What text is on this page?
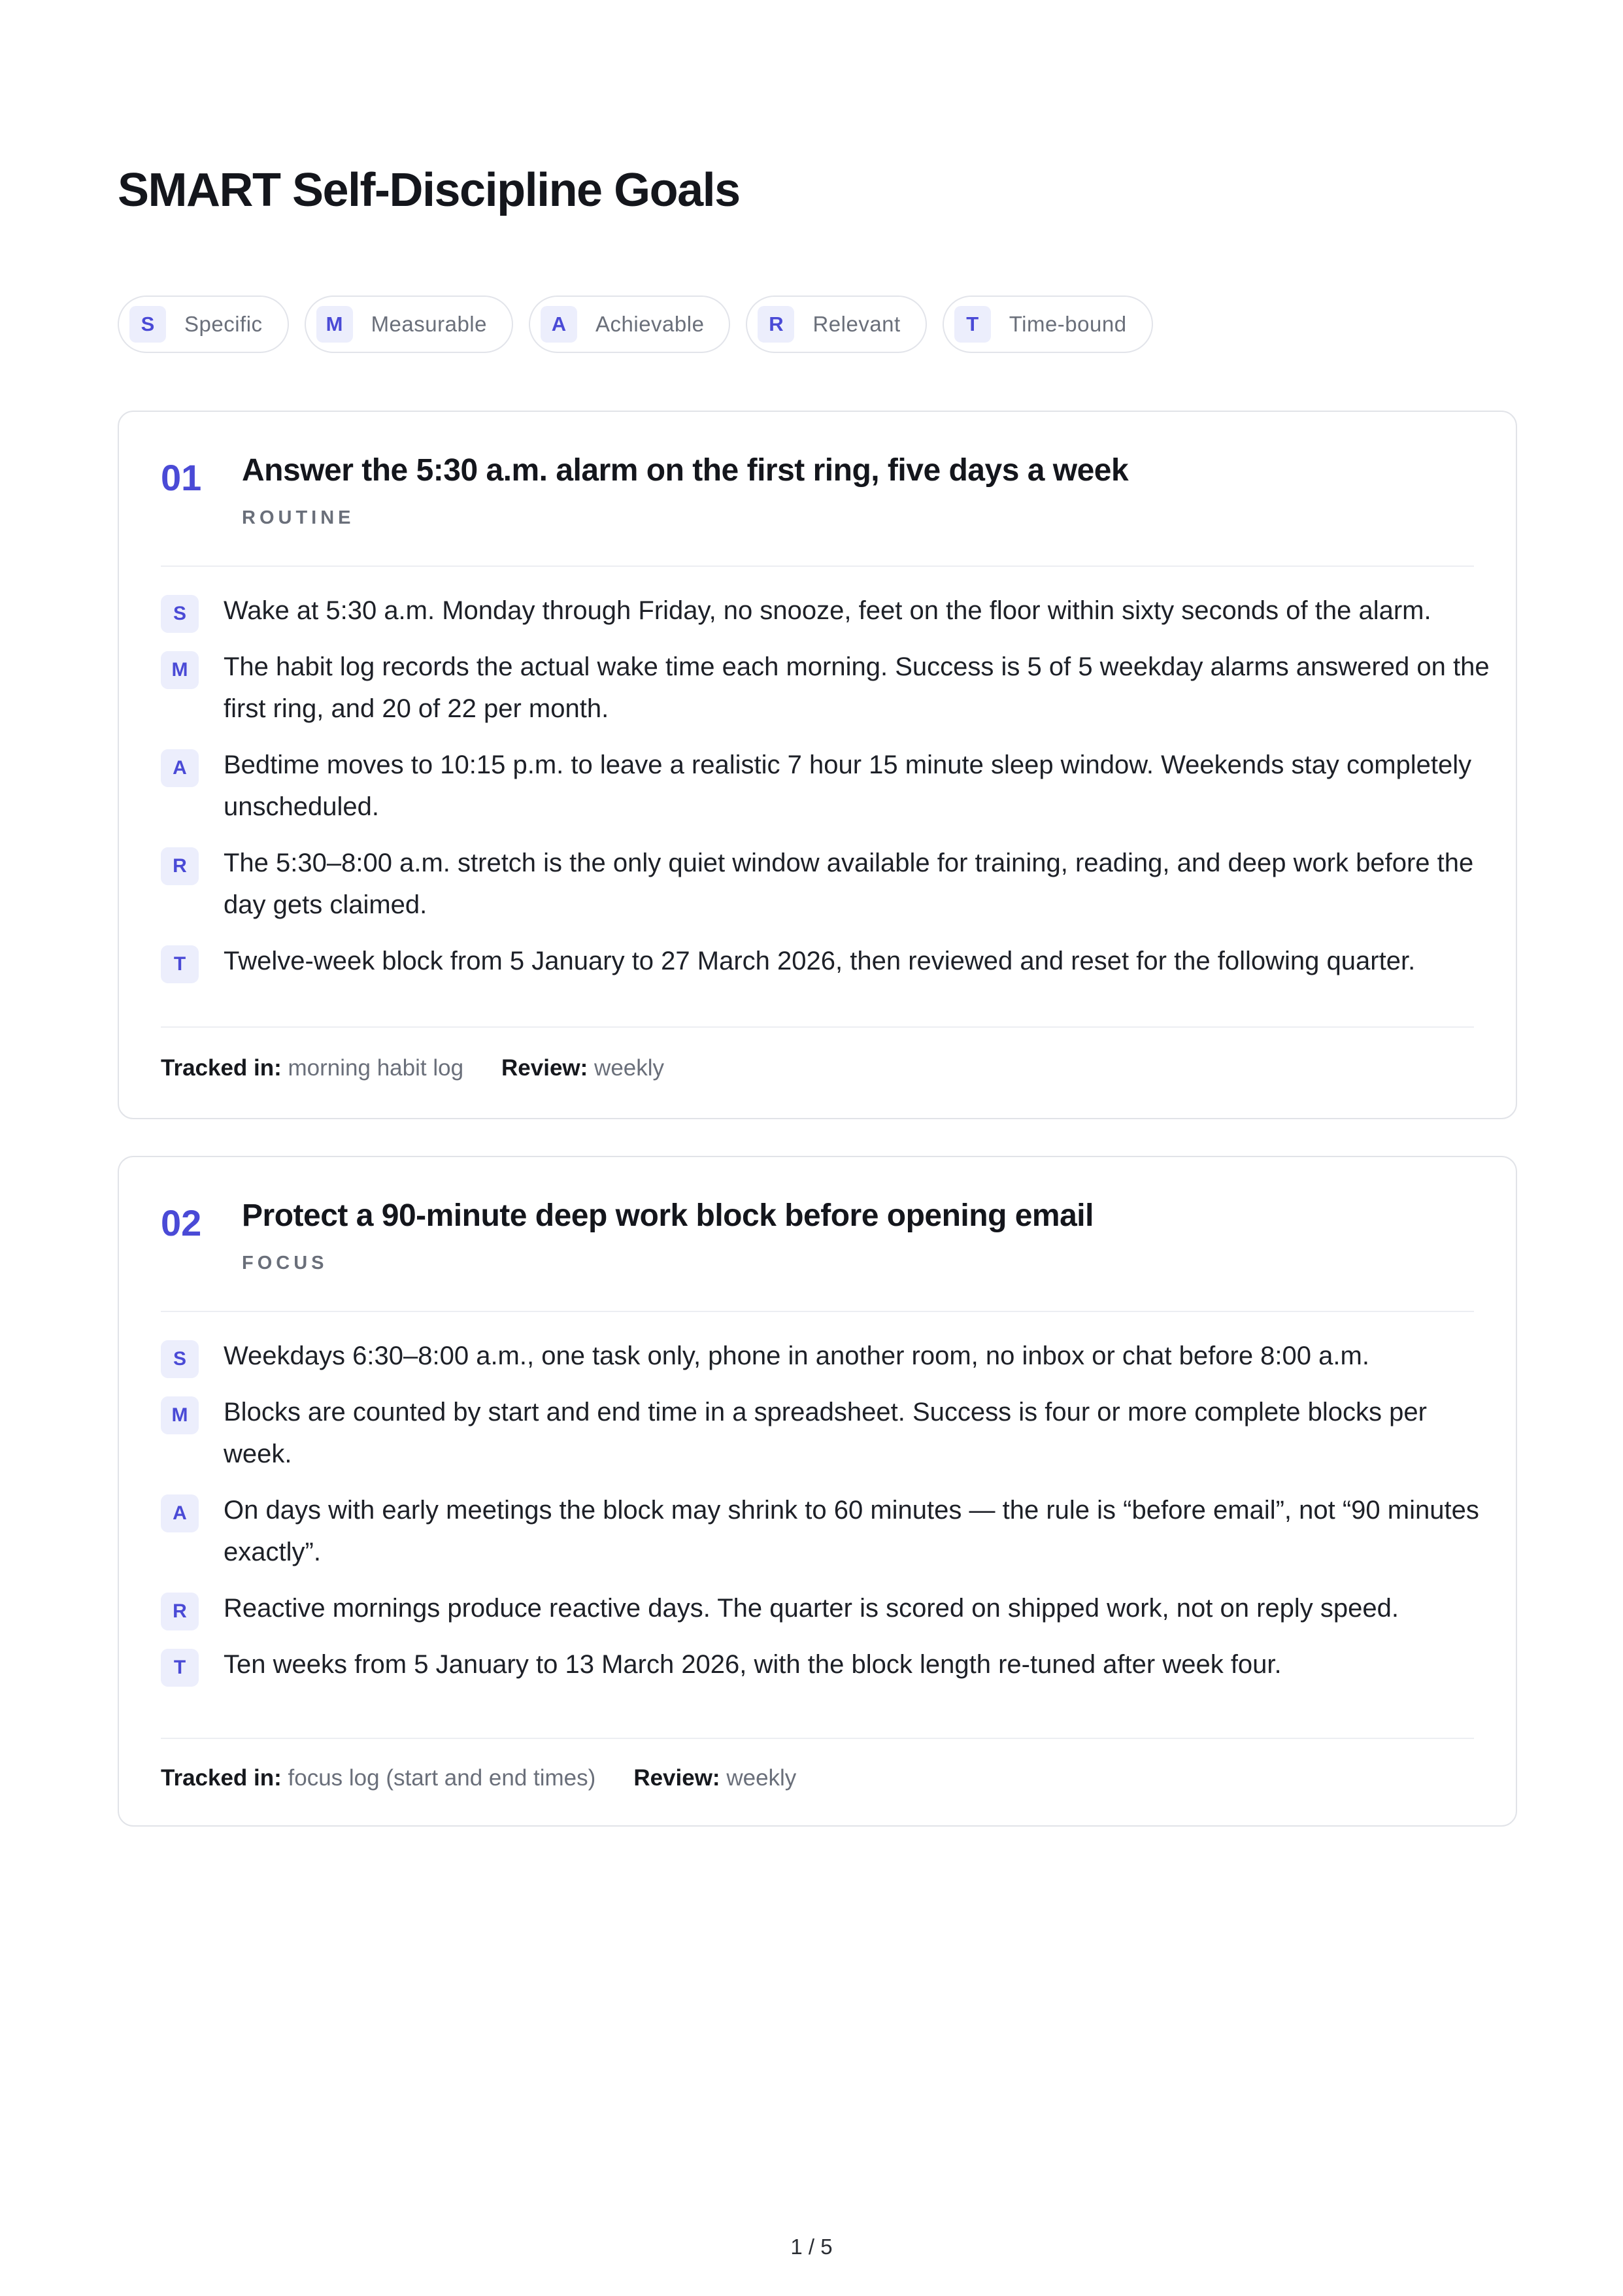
SMART Self-Discipline Goals
S	Specific	M	Measurable	A	Achievable	R	Relevant	T	Time-bound
01 Answer the 5:30 a.m. alarm on the first ring, five days a week
ROUTINE
S	Wake at 5:30 a.m. Monday through Friday, no snooze, feet on the floor within sixty seconds of the alarm.
M	The habit log records the actual wake time each morning. Success is 5 of 5 weekday alarms answered on the first ring, and 20 of 22 per month.
A	Bedtime moves to 10:15 p.m. to leave a realistic 7 hour 15 minute sleep window. Weekends stay completely unscheduled.
R	The 5:30–8:00 a.m. stretch is the only quiet window available for training, reading, and deep work before the day gets claimed.
T	Twelve-week block from 5 January to 27 March 2026, then reviewed and reset for the following quarter.
Tracked in: morning habit log Review: weekly
02 Protect a 90-minute deep work block before opening email
FOCUS
S	Weekdays 6:30–8:00 a.m., one task only, phone in another room, no inbox or chat before 8:00 a.m.
M	Blocks are counted by start and end time in a spreadsheet. Success is four or more complete blocks per week.
A	On days with early meetings the block may shrink to 60 minutes — the rule is “before email”, not “90 minutes exactly”.
R	Reactive mornings produce reactive days. The quarter is scored on shipped work, not on reply speed.
T	Ten weeks from 5 January to 13 March 2026, with the block length re-tuned after week four.
Tracked in: focus log (start and end times) Review: weekly
1 / 5
